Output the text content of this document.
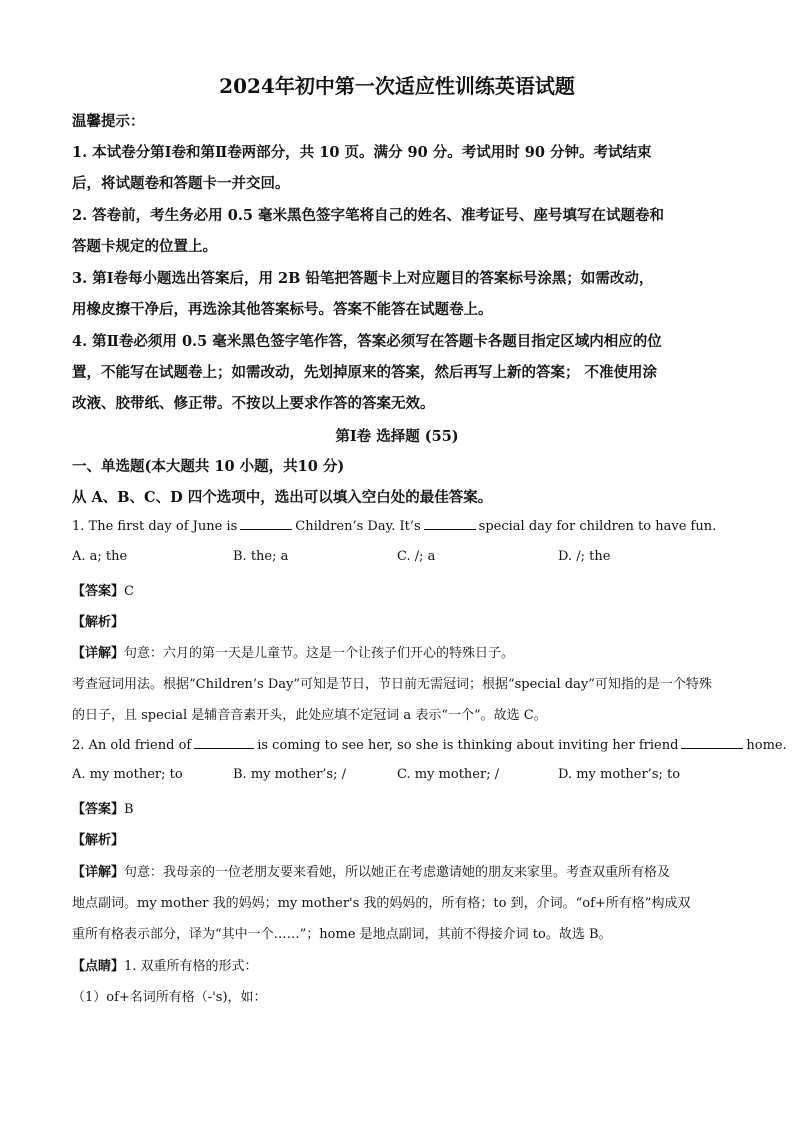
2024年初中第一次适应性训练英语试题
温馨提示：
1. 本试卷分第Ⅰ卷和第Ⅱ卷两部分，共 10 页。满分 90 分。考试用时 90 分钟。考试结束
后，将试题卷和答题卡一并交回。
2. 答卷前，考生务必用 0.5 毫米黑色签字笔将自己的姓名、准考证号、座号填写在试题卷和
答题卡规定的位置上。
3. 第Ⅰ卷每小题选出答案后，用 2B 铅笔把答题卡上对应题目的答案标号涂黑；如需改动，
用橡皮擦干净后，再选涂其他答案标号。答案不能答在试题卷上。
4. 第Ⅱ卷必须用 0.5 毫米黑色签字笔作答，答案必须写在答题卡各题目指定区域内相应的位
置，不能写在试题卷上；如需改动，先划掉原来的答案，然后再写上新的答案； 不准使用涂
改液、胶带纸、修正带。不按以上要求作答的答案无效。
第Ⅰ卷 选择题 (55)
一、单选题(本大题共 10 小题，共10 分)
从 A、B、C、D 四个选项中，选出可以填入空白处的最佳答案。
1. The first day of June is	Children’s Day. It’s	special day for children to have fun.
A. a; the	B. the; a	C. /; a	D. /; the
【答案】C
【解析】
【详解】句意：六月的第一天是儿童节。这是一个让孩子们开心的特殊日子。
考查冠词用法。根据“Children’s Day”可知是节日，节日前无需冠词；根据“special day”可知指的是一个特殊
的日子，且 special 是辅音音素开头，此处应填不定冠词 a 表示“一个”。故选 C。
2. An old friend of	is coming to see her, so she is thinking about inviting her friend	home.
A. my mother; to	B. my mother’s; /	C. my mother; /	D. my mother’s; to
【答案】B
【解析】
【详解】句意：我母亲的一位老朋友要来看她，所以她正在考虑邀请她的朋友来家里。考查双重所有格及
地点副词。my mother 我的妈妈；my mother's 我的妈妈的，所有格；to 到，介词。“of+所有格”构成双
重所有格表示部分，译为“其中一个……”；home 是地点副词，其前不得接介词 to。故选 B。
【点睛】1. 双重所有格的形式：
（1）of+名词所有格（-'s)，如：
